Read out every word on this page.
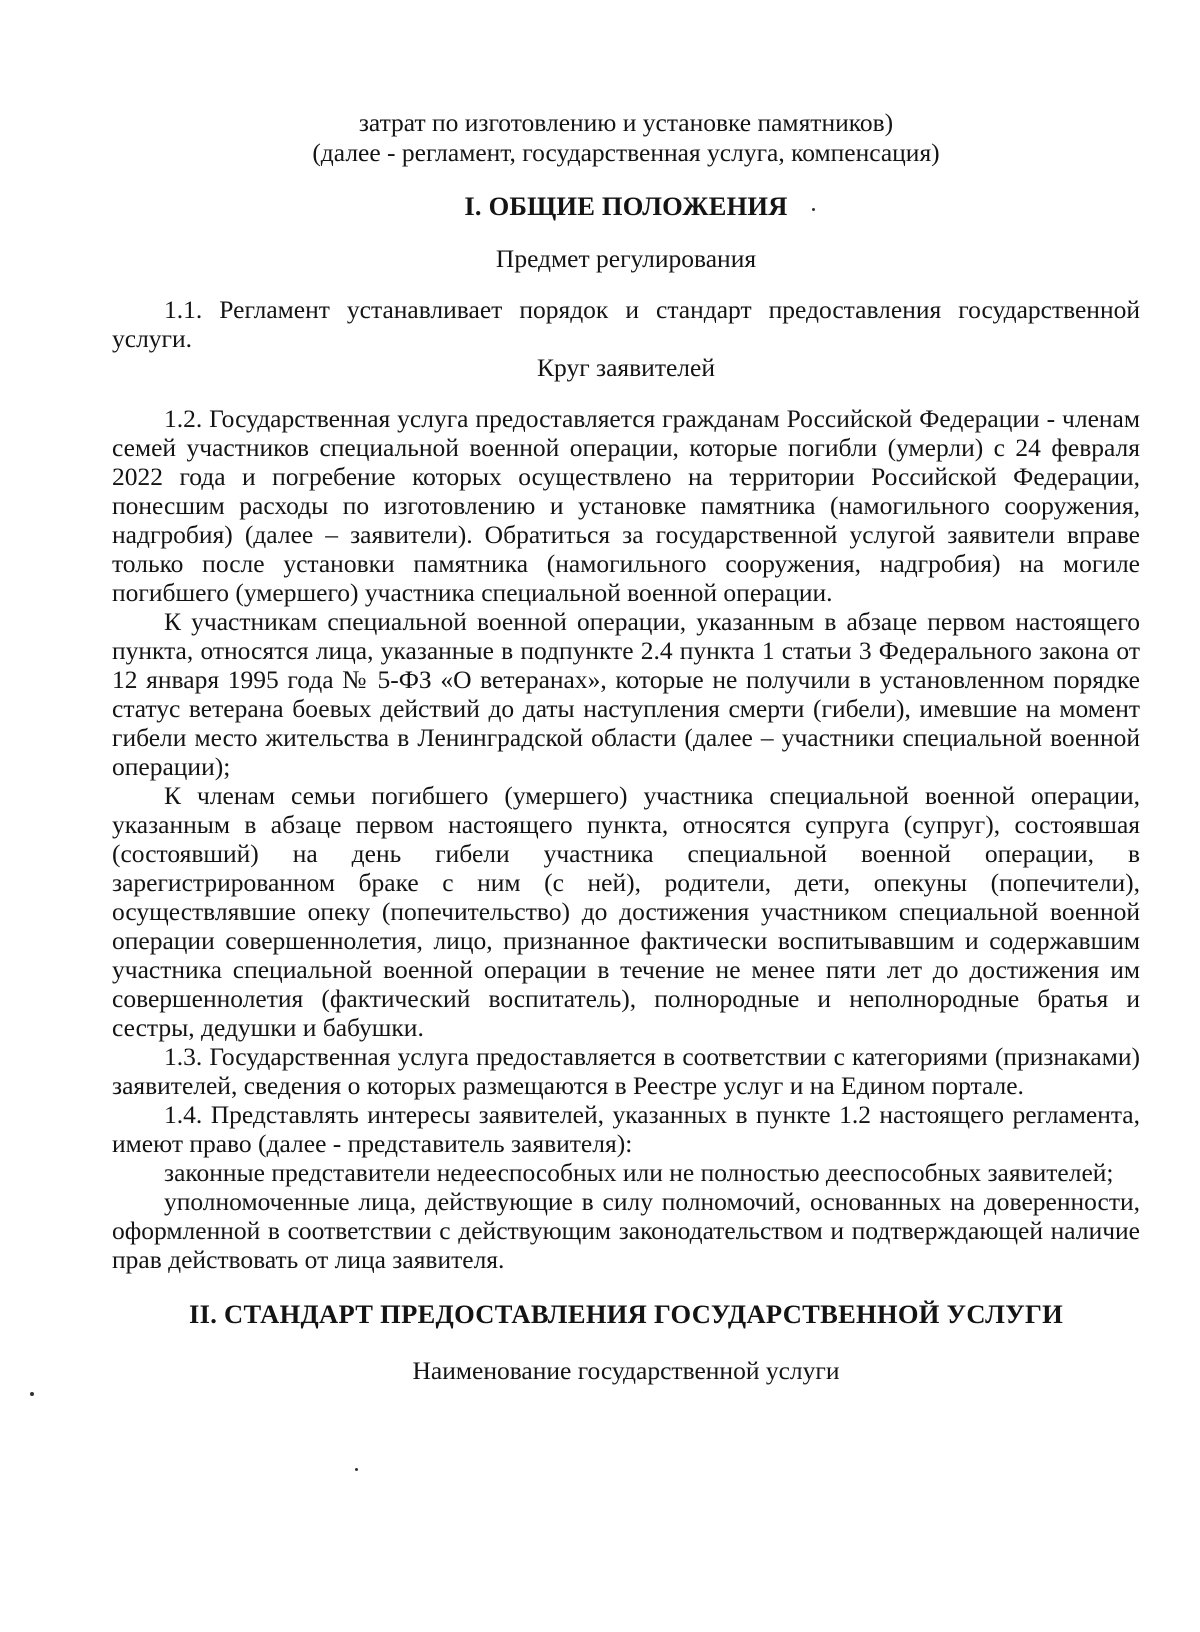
затрат по изготовлению и установке памятников)

(далее - регламент, государственная услуга, компенсация)

I. ОБЩИЕ ПОЛОЖЕНИЯ

Предмет регулирования

1.1. Регламент устанавливает порядок и стандарт предоставления государственной услуги.

Круг заявителей

1.2. Государственная услуга предоставляется гражданам Российской Федерации - членам семей участников специальной военной операции, которые погибли (умерли) с 24 февраля 2022 года и погребение которых осуществлено на территории Российской Федерации, понесшим расходы по изготовлению и установке памятника (намогильного сооружения, надгробия) (далее – заявители). Обратиться за государственной услугой заявители вправе только после установки памятника (намогильного сооружения, надгробия) на могиле погибшего (умершего) участника специальной военной операции.

К участникам специальной военной операции, указанным в абзаце первом настоящего пункта, относятся лица, указанные в подпункте 2.4 пункта 1 статьи 3 Федерального закона от 12 января 1995 года № 5-ФЗ «О ветеранах», которые не получили в установленном порядке статус ветерана боевых действий до даты наступления смерти (гибели), имевшие на момент гибели место жительства в Ленинградской области (далее – участники специальной военной операции);

К членам семьи погибшего (умершего) участника специальной военной операции, указанным в абзаце первом настоящего пункта, относятся супруга (супруг), состоявшая (состоявший) на день гибели участника специальной военной операции, в зарегистрированном браке с ним (с ней), родители, дети, опекуны (попечители), осуществлявшие опеку (попечительство) до достижения участником специальной военной операции совершеннолетия, лицо, признанное фактически воспитывавшим и содержавшим участника специальной военной операции в течение не менее пяти лет до достижения им совершеннолетия (фактический воспитатель), полнородные и неполнородные братья и сестры, дедушки и бабушки.

1.3. Государственная услуга предоставляется в соответствии с категориями (признаками) заявителей, сведения о которых размещаются в Реестре услуг и на Едином портале.

1.4. Представлять интересы заявителей, указанных в пункте 1.2 настоящего регламента, имеют право (далее - представитель заявителя):

законные представители недееспособных или не полностью дееспособных заявителей;

уполномоченные лица, действующие в силу полномочий, основанных на доверенности, оформленной в соответствии с действующим законодательством и подтверждающей наличие прав действовать от лица заявителя.

II. СТАНДАРТ ПРЕДОСТАВЛЕНИЯ ГОСУДАРСТВЕННОЙ УСЛУГИ

Наименование государственной услуги
